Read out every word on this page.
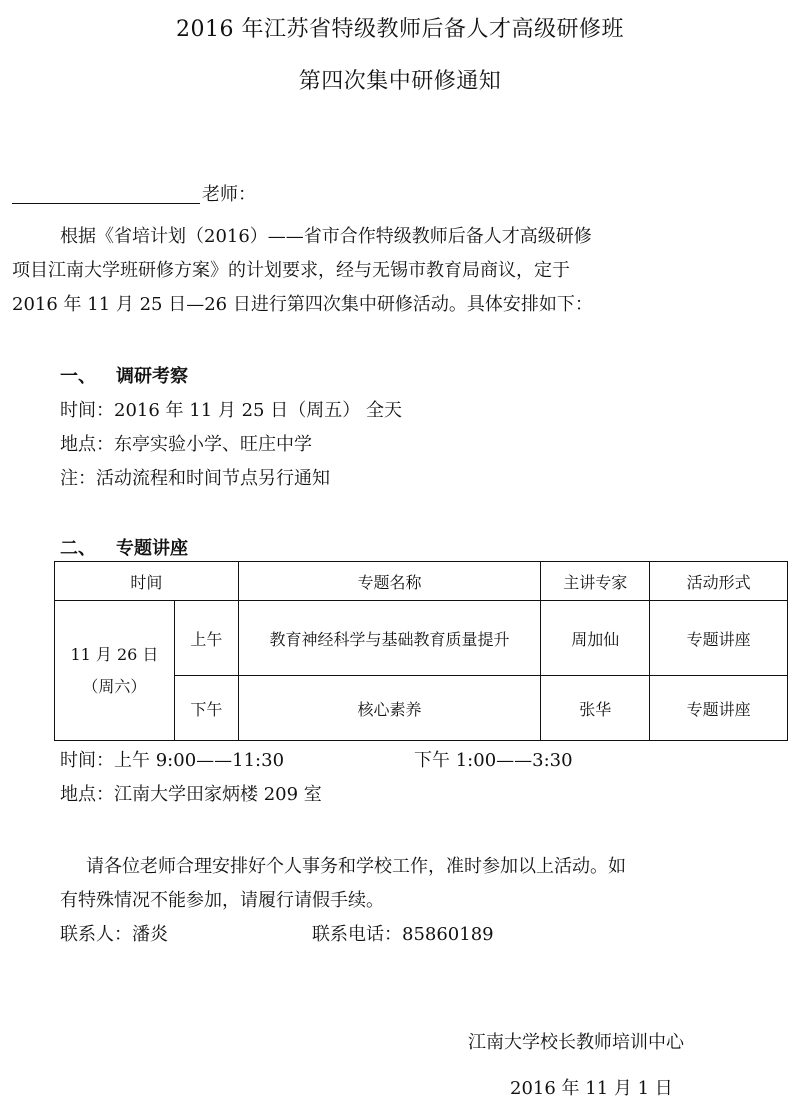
2016 年江苏省特级教师后备人才高级研修班
第四次集中研修通知
老师：
根据《省培计划（2016）——省市合作特级教师后备人才高级研修
项目江南大学班研修方案》的计划要求，经与无锡市教育局商议，定于
2016 年 11 月 25 日—26 日进行第四次集中研修活动。具体安排如下：
一、 调研考察
时间：2016 年 11 月 25 日（周五） 全天
地点：东亭实验小学、旺庄中学
注：活动流程和时间节点另行通知
二、 专题讲座
时间		专题名称	主讲专家	活动形式

11 月 26 日
（周六）	上午	教育神经科学与基础教育质量提升	周加仙	专题讲座
	下午	核心素养	张华	专题讲座
时间：上午 9:00——11:30	下午 1:00——3:30
地点：江南大学田家炳楼 209 室
请各位老师合理安排好个人事务和学校工作，准时参加以上活动。如
有特殊情况不能参加，请履行请假手续。
联系人：潘炎	联系电话：85860189
江南大学校长教师培训中心
2016 年 11 月 1 日
